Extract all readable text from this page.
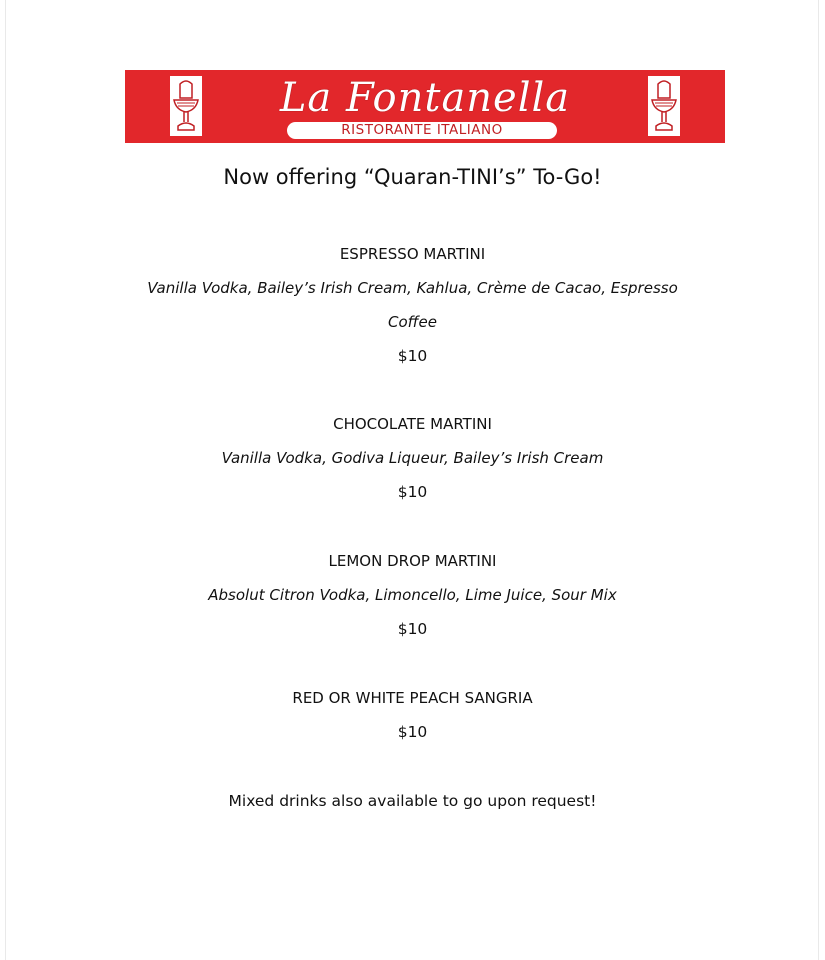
La Fontanella
RISTORANTE ITALIANO
Now offering “Quaran-TINI’s” To-Go!
ESPRESSO MARTINI
Vanilla Vodka, Bailey’s Irish Cream, Kahlua, Crème de Cacao, Espresso Coffee
$10
CHOCOLATE MARTINI
Vanilla Vodka, Godiva Liqueur, Bailey’s Irish Cream
$10
LEMON DROP MARTINI
Absolut Citron Vodka, Limoncello, Lime Juice, Sour Mix
$10
RED OR WHITE PEACH SANGRIA
$10
Mixed drinks also available to go upon request!
